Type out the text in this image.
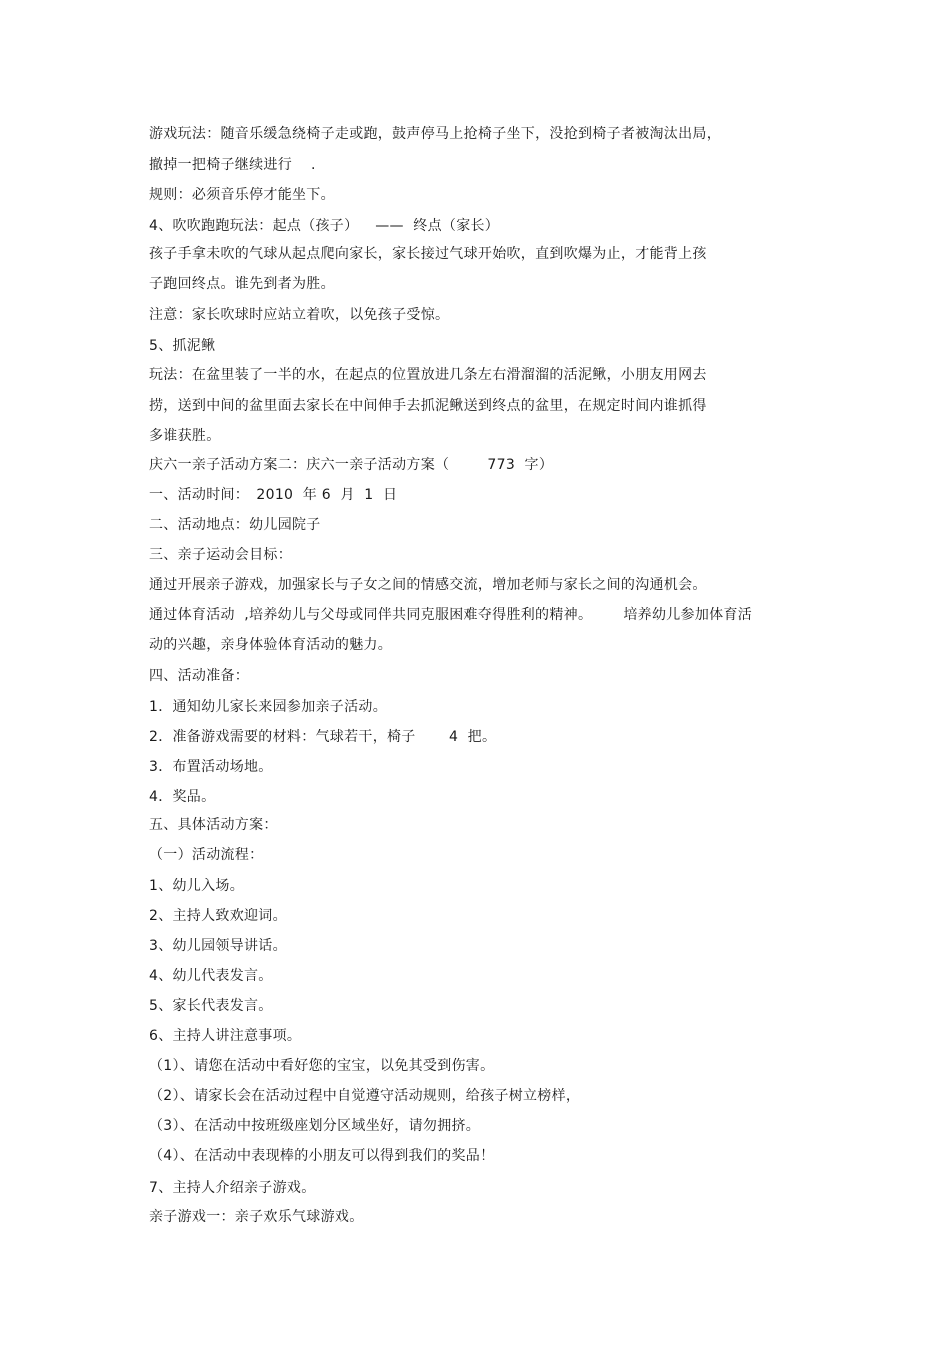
游戏玩法：随音乐缓急绕椅子走或跑，鼓声停马上抢椅子坐下，没抢到椅子者被淘汰出局，
撤掉一把椅子继续进行　 .
规则：必须音乐停才能坐下。
4、吹吹跑跑玩法：起点（孩子）　  ——  终点（家长）
孩子手拿未吹的气球从起点爬向家长，家长接过气球开始吹，直到吹爆为止，才能背上孩
子跑回终点。谁先到者为胜。
注意：家长吹球时应站立着吹，以免孩子受惊。
5、抓泥鳅
玩法：在盆里装了一半的水，在起点的位置放进几条左右滑溜溜的活泥鳅，小朋友用网去
捞，送到中间的盆里面去家长在中间伸手去抓泥鳅送到终点的盆里，在规定时间内谁抓得
多谁获胜。
庆六一亲子活动方案二：庆六一亲子活动方案（　　  773  字）
一、活动时间：　2010  年 6  月  1  日
二、活动地点：幼儿园院子
三、亲子运动会目标：
通过开展亲子游戏，加强家长与子女之间的情感交流，增加老师与家长之间的沟通机会。
通过体育活动  ,培养幼儿与父母或同伴共同克服困难夺得胜利的精神。　　  培养幼儿参加体育活
动的兴趣，亲身体验体育活动的魅力。
四、活动准备：
1．通知幼儿家长来园参加亲子活动。
2．准备游戏需要的材料：气球若干，椅子　　 4  把。
3．布置活动场地。
4．奖品。
五、具体活动方案：
（一）活动流程：
1、幼儿入场。
2、主持人致欢迎词。
3、幼儿园领导讲话。
4、幼儿代表发言。
5、家长代表发言。
6、主持人讲注意事项。
（1）、请您在活动中看好您的宝宝，以免其受到伤害。
（2）、请家长会在活动过程中自觉遵守活动规则，给孩子树立榜样，
（3）、在活动中按班级座划分区域坐好，请勿拥挤。
（4）、在活动中表现棒的小朋友可以得到我们的奖品！
7、主持人介绍亲子游戏。
亲子游戏一：亲子欢乐气球游戏。
